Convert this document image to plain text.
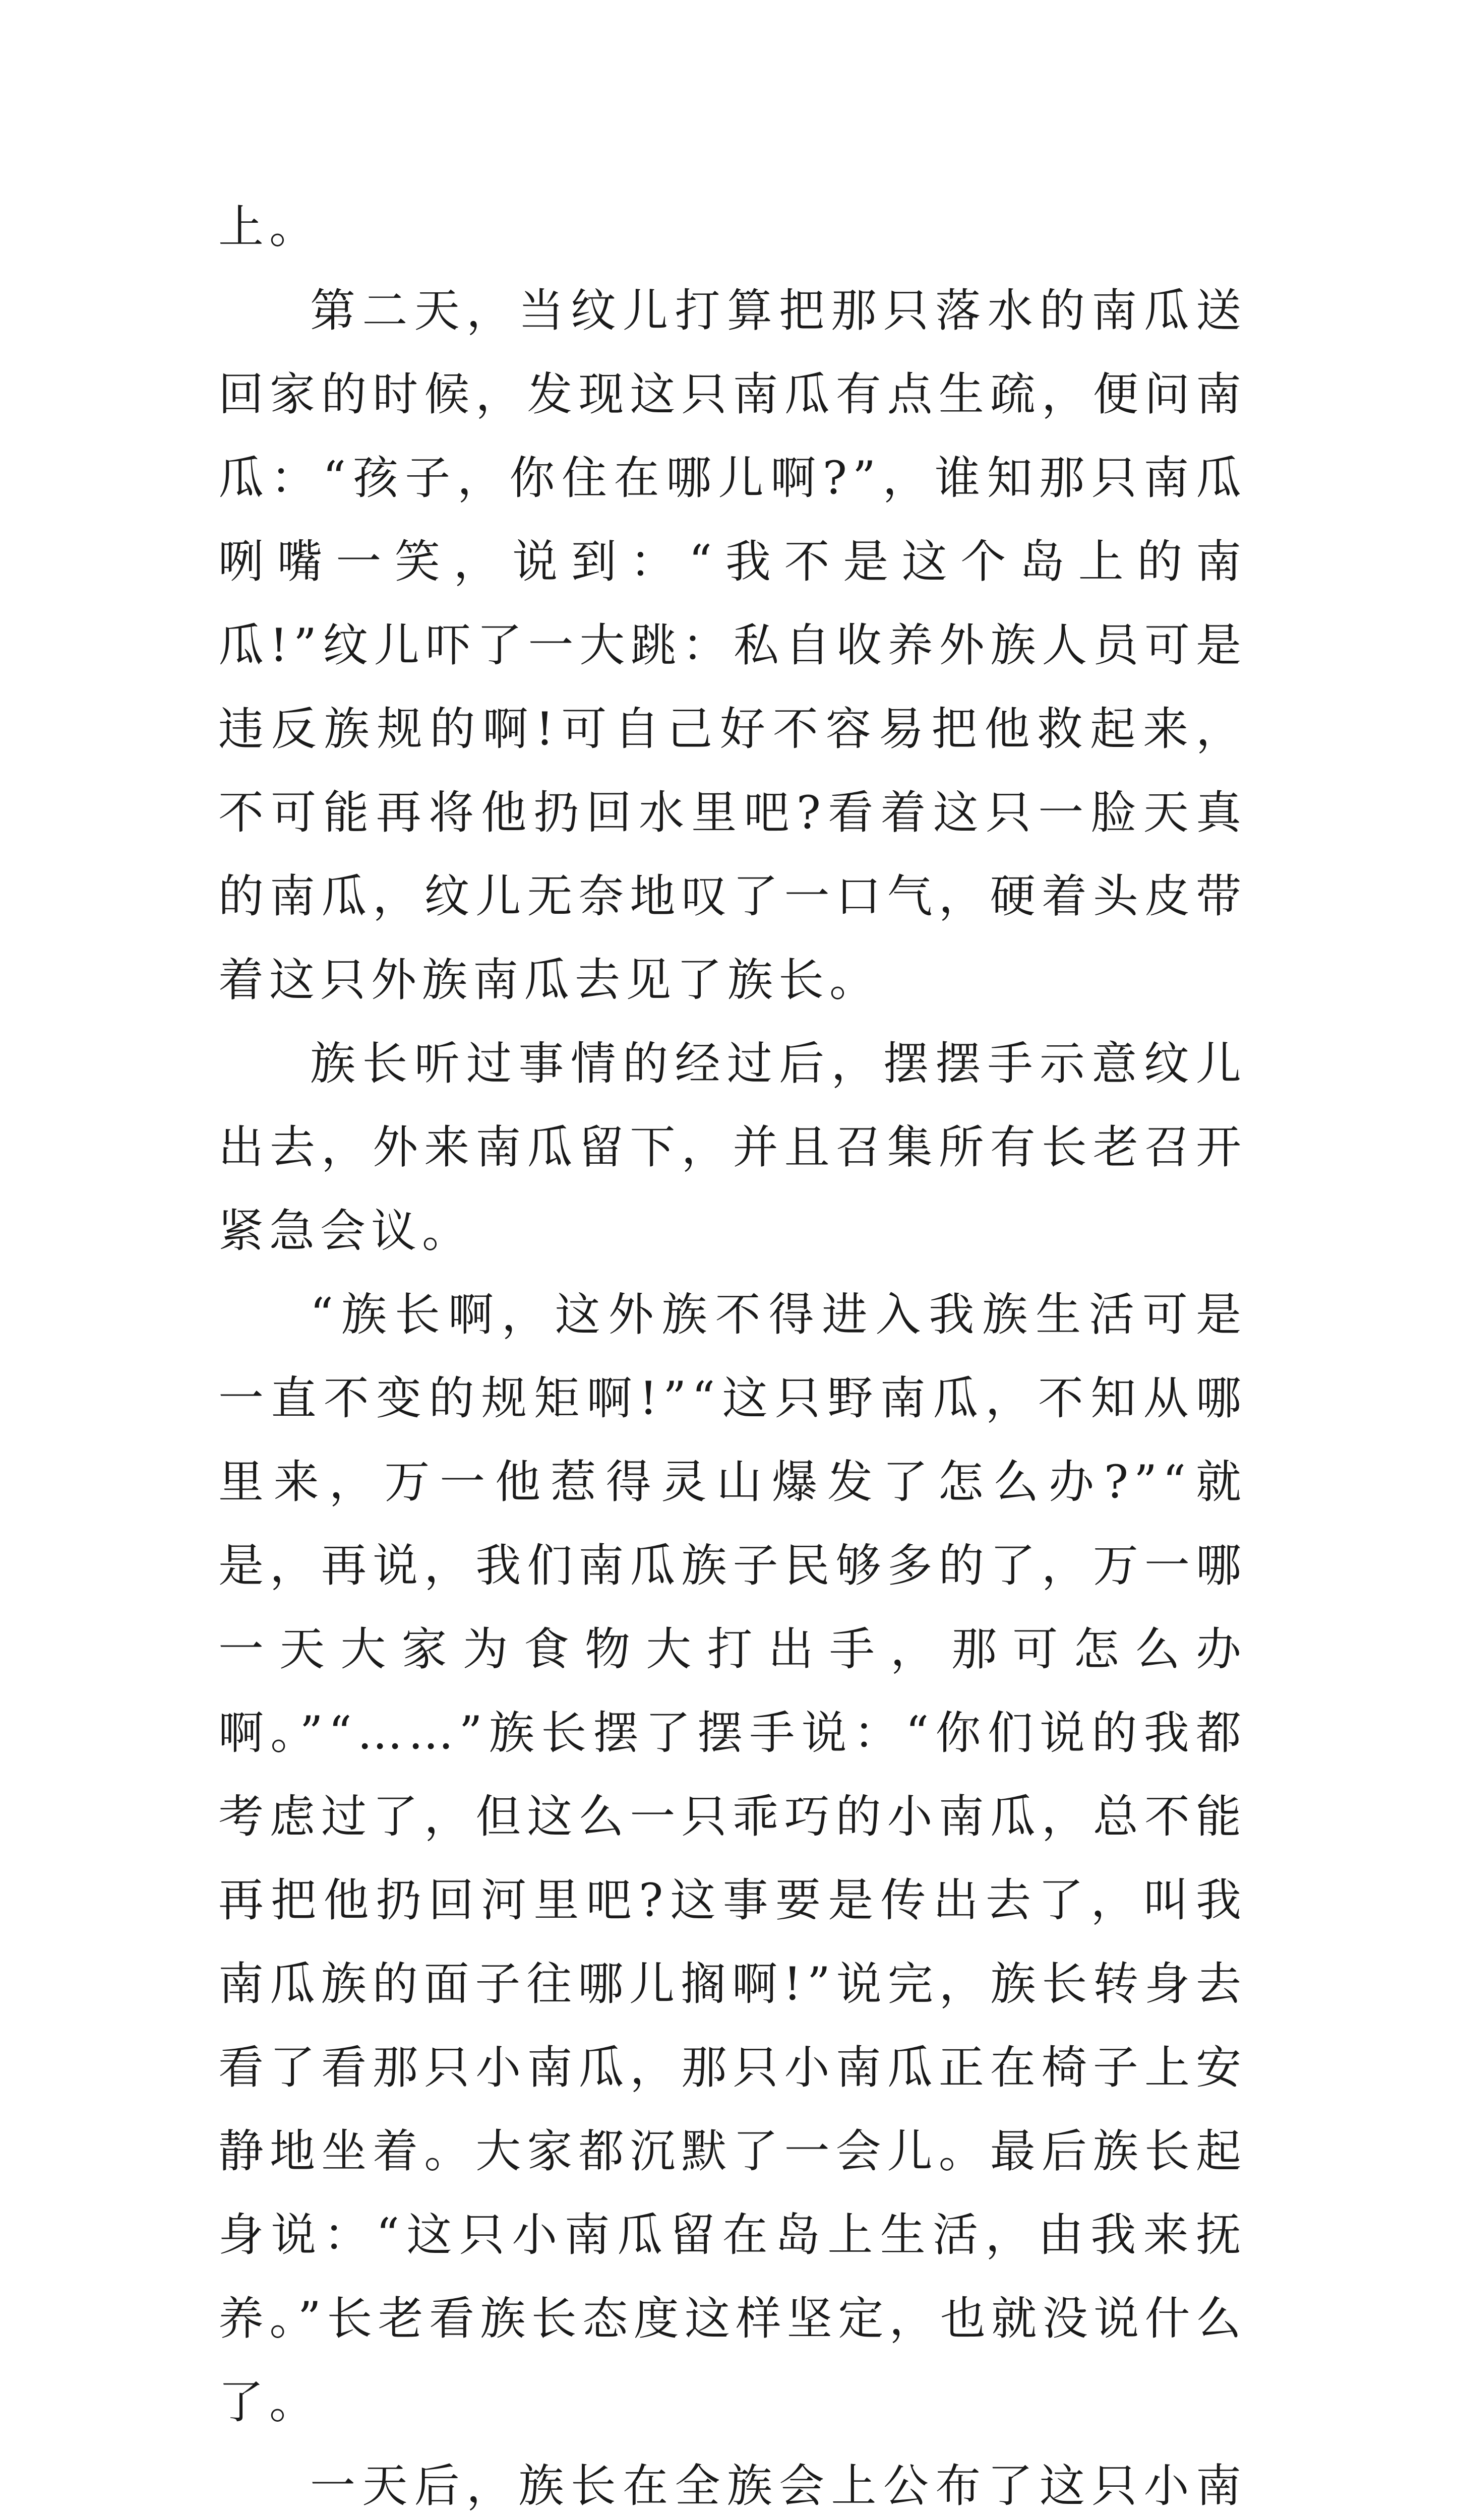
上。

第二天，当纹儿打算把那只落水的南瓜送回家的时候，发现这只南瓜有点生疏，便问南瓜：“孩子，你住在哪儿啊?”，谁知那只南瓜咧嘴一笑，说到：“我不是这个岛上的南瓜!”纹儿吓了一大跳：私自收养外族人员可是违反族规的啊!可自己好不容易把他救起来，不可能再将他扔回水里吧?看着这只一脸天真的南瓜，纹儿无奈地叹了一口气，硬着头皮带着这只外族南瓜去见了族长。

族长听过事情的经过后，摆摆手示意纹儿出去，外来南瓜留下，并且召集所有长老召开紧急会议。

“族长啊，这外族不得进入我族生活可是一直不变的规矩啊!”“这只野南瓜，不知从哪里来，万一他惹得灵山爆发了怎么办?”“就是，再说，我们南瓜族子民够多的了，万一哪一天大家为食物大打出手，那可怎么办啊。”“……”族长摆了摆手说：“你们说的我都考虑过了，但这么一只乖巧的小南瓜，总不能再把他扔回河里吧?这事要是传出去了，叫我南瓜族的面子往哪儿搁啊!”说完，族长转身去看了看那只小南瓜，那只小南瓜正在椅子上安静地坐着。大家都沉默了一会儿。最后族长起身说：“这只小南瓜留在岛上生活，由我来抚养。”长老看族长态度这样坚定，也就没说什么了。

一天后，族长在全族会上公布了这只小南
